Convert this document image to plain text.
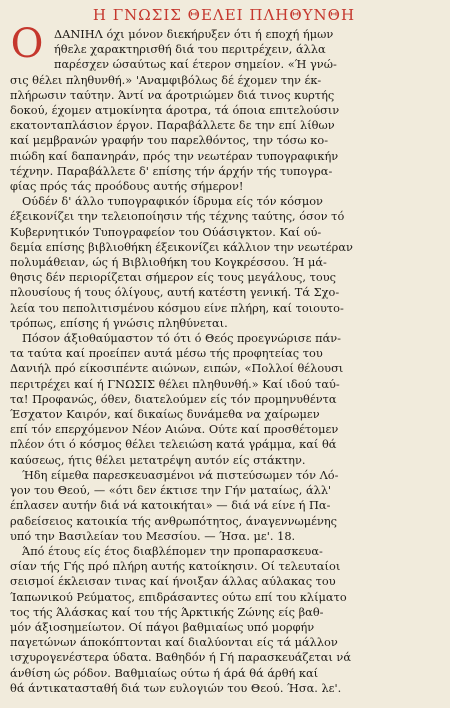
Η ΓΝΩΣΙΣ ΘΕΛΕΙ ΠΛΗΘΥΝΘΗ
Ο ΔΑΝΙΗΛ όχι μόνον διεκήρυξεν ότι ή εποχή ήμων
ήθελε χαρακτηρισθή διά του περιτρέχειν, άλλα
παρέσχεν ώσαύτως καί έτερον σημείον. «Ή γνώ-
σις θέλει πληθυνθή.» 'Αναμφιβόλως δέ έχομεν την έκ-
πλήρωσιν ταύτην. Άντί να άροτριώμεν διά τινος κυρτής
δοκού, έχομεν ατμοκίνητα άροτρα, τά όποια επιτελούσιν
εκατονταπλάσιον έργον. Παραβάλλετε δε την επί λίθων
καί μεμβρανών γραφήν του παρελθόντος, την τόσω κο-
πιώδη καί δαπανηράν, πρός την νεωτέραν τυπογραφικήν
τέχνην. Παραβάλλετε δ' επίσης τήν άρχήν τής τυπογρα-
φίας πρός τάς προόδους αυτής σήμερον!
Ούδέν δ' άλλο τυπογραφικόν ίδρυμα είς τόν κόσμον
έξεικονίζει την τελειοποίησιν τής τέχνης ταύτης, όσον τό
Κυβερνητικόν Τυπογραφείον του Ούάσιγκτον. Καί ού-
δεμία επίσης βιβλιοθήκη έξεικονίζει κάλλιον την νεωτέραν
πολυμάθειαν, ώς ή Βιβλιοθήκη του Κογκρέσσου. Ή μά-
θησις δέν περιορίζεται σήμερον είς τους μεγάλους, τους
πλουσίους ή τους όλίγους, αυτή κατέστη γενική. Τά Σχο-
λεία του πεπολιτισμένου κόσμου είνε πλήρη, καί τοιουτο-
τρόπως, επίσης ή γνώσις πληθύνεται.
Πόσον άξιοθαύμαστον τό ότι ό Θεός προεγνώρισε πάν-
τα ταύτα καί προείπεν αυτά μέσω τής προφητείας του
Δανιήλ πρό είκοσιπέντε αιώνων, ειπών, «Πολλοί θέλουσι
περιτρέχει καί ή ΓΝΩΣΙΣ θέλει πληθυνθή.» Καί ιδού ταύ-
τα! Προφανώς, όθεν, διατελούμεν είς τόν προμηνυθέντα
Έσχατον Καιρόν, καί δικαίως δυνάμεθα να χαίρωμεν
επί τόν επερχόμενον Νέον Αιώνα. Ούτε καί προσθέτομεν
πλέον ότι ό κόσμος θέλει τελειώση κατά γράμμα, καί θά
καύσεως, ήτις θέλει μετατρέψη αυτόν είς στάκτην.
Ήδη είμεθα παρεσκευασμένοι νά πιστεύσωμεν τόν Λό-
γον του Θεού, — «ότι δεν έκτισε την Γήν ματαίως, άλλ'
έπλασεν αυτήν διά νά κατοικήται» — διά νά είνε ή Πα-
ραδείσειος κατοικία τής ανθρωπότητος, άναγεννωμένης
υπό την Βασιλείαν του Μεσσίου. — Ήσα. με'. 18.
Άπό έτους είς έτος διαβλέπομεν την προπαρασκευα-
σίαν τής Γής πρό πλήρη αυτής κατοίκησιν. Οί τελευταίοι
σεισμοί έκλεισαν τινας καί ήνοιξαν άλλας αύλακας του
Ίαπωνικού Ρεύματος, επιδράσαντες ούτω επί του κλίματο
τος τής Άλάσκας καί του τής Άρκτικής Ζώνης είς βαθ-
μόν άξιοσημείωτον. Οί πάγοι βαθμιαίως υπό μορφήν
παγετώνων άποκόπτονται καί διαλύονται είς τά μάλλον
ισχυρογενέστερα ύδατα. Βαθηδόν ή Γή παρασκευάζεται νά
άνθίση ώς ρόδον. Βαθμιαίως ούτω ή άρά θά άρθή καί
θά άντικατασταθή διά των ευλογιών του Θεού. Ήσα. λε'.
